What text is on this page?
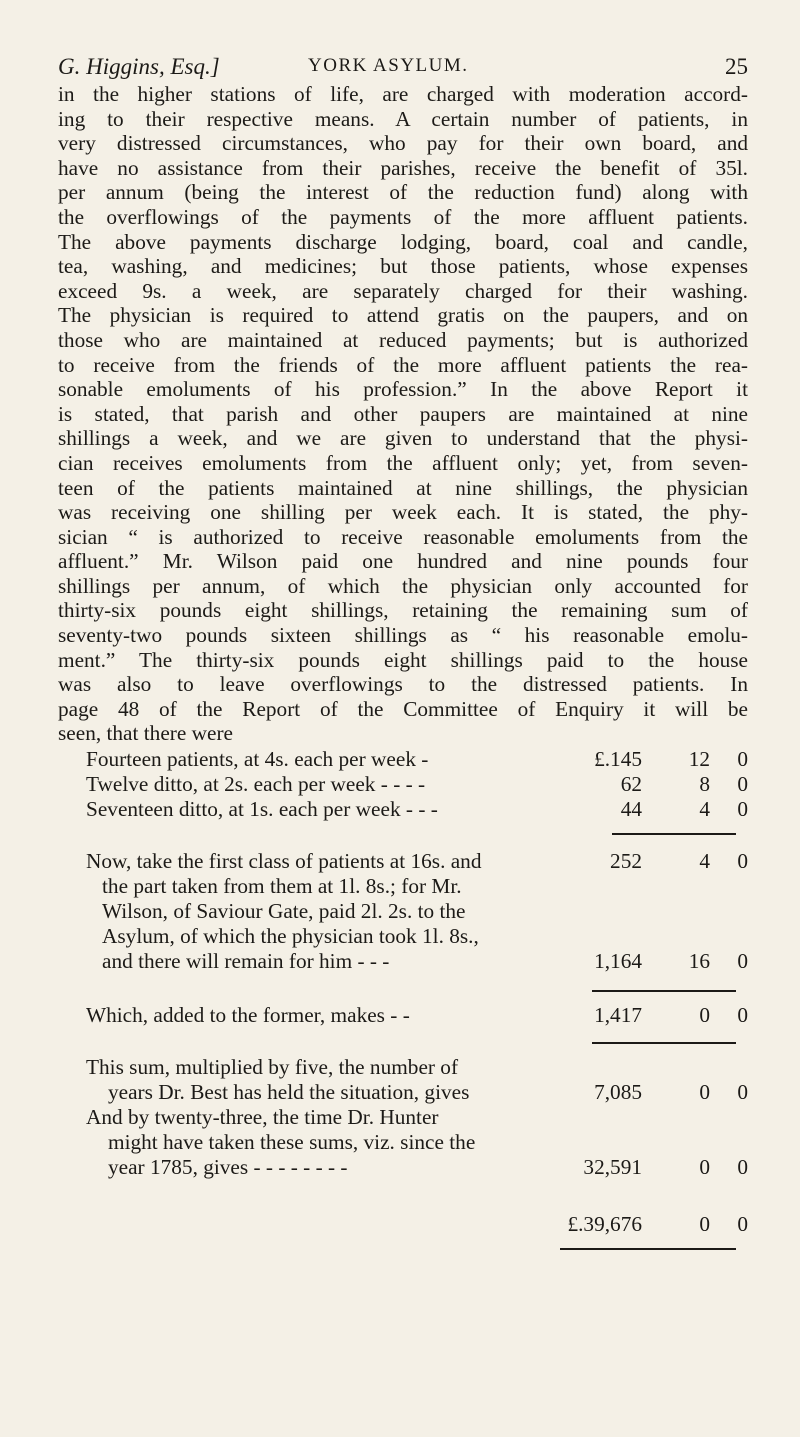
G. Higgins, Esq.]	YORK ASYLUM.	25
in the higher stations of life, are charged with moderation accord-
ing to their respective means. A certain number of patients, in
very distressed circumstances, who pay for their own board, and
have no assistance from their parishes, receive the benefit of 35l.
per annum (being the interest of the reduction fund) along with
the overflowings of the payments of the more affluent patients.
The above payments discharge lodging, board, coal and candle,
tea, washing, and medicines; but those patients, whose expenses
exceed 9s. a week, are separately charged for their washing.
The physician is required to attend gratis on the paupers, and on
those who are maintained at reduced payments; but is authorized
to receive from the friends of the more affluent patients the rea-
sonable emoluments of his profession.” In the above Report it
is stated, that parish and other paupers are maintained at nine
shillings a week, and we are given to understand that the physi-
cian receives emoluments from the affluent only; yet, from seven-
teen of the patients maintained at nine shillings, the physician
was receiving one shilling per week each. It is stated, the phy-
sician “ is authorized to receive reasonable emoluments from the
affluent.” Mr. Wilson paid one hundred and nine pounds four
shillings per annum, of which the physician only accounted for
thirty-six pounds eight shillings, retaining the remaining sum of
seventy-two pounds sixteen shillings as “ his reasonable emolu-
ment.” The thirty-six pounds eight shillings paid to the house
was also to leave overflowings to the distressed patients. In
page 48 of the Report of the Committee of Enquiry it will be
seen, that there were
Fourteen patients, at 4s. each per week -	£.145	12	0
Twelve ditto, at 2s. each per week - - - -	62	8	0
Seventeen ditto, at 1s. each per week - - -	44	4	0
Now, take the first class of patients at 16s. and	252	4	0
the part taken from them at 1l. 8s.; for Mr.
Wilson, of Saviour Gate, paid 2l. 2s. to the
Asylum, of which the physician took 1l. 8s.,
and there will remain for him - - -	1,164	16	0
Which, added to the former, makes - -	1,417	0	0
This sum, multiplied by five, the number of
years Dr. Best has held the situation, gives	7,085	0	0
And by twenty-three, the time Dr. Hunter
might have taken these sums, viz. since the
year 1785, gives - - - - - - - -	32,591	0	0
£.39,676	0	0
